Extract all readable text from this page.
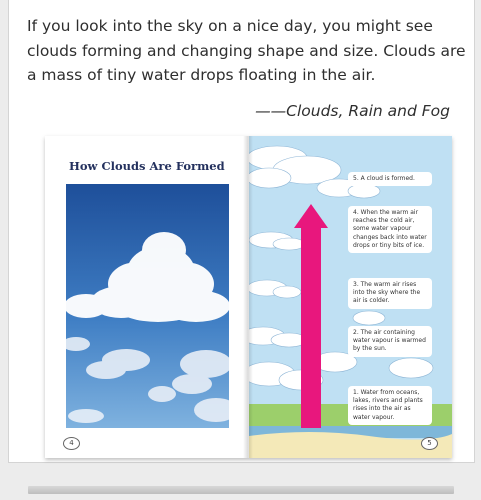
If you look into the sky on a nice day, you might see clouds forming and changing shape and size. Clouds are a mass of tiny water drops floating in the air.

——Clouds, Rain and Fog
How Clouds Are Formed
4
5. A cloud is formed.
4. When the warm air reaches the cold air, some water vapour changes back into water drops or tiny bits of ice.
3. The warm air rises into the sky where the air is colder.
2. The air containing water vapour is warmed by the sun.
1. Water from oceans, lakes, rivers and plants rises into the air as water vapour.
5
